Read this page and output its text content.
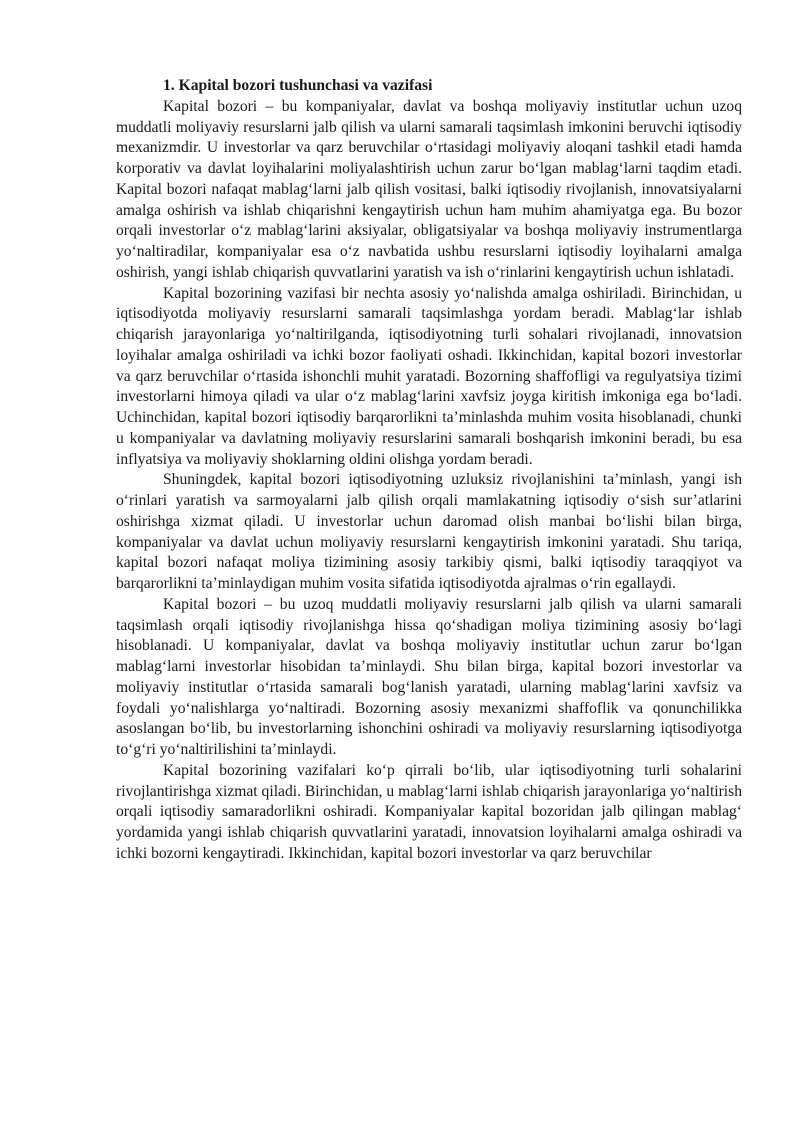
1. Kapital bozori tushunchasi va vazifasi

Kapital bozori – bu kompaniyalar, davlat va boshqa moliyaviy institutlar uchun uzoq muddatli moliyaviy resurslarni jalb qilish va ularni samarali taqsimlash imkonini beruvchi iqtisodiy mexanizmdir. U investorlar va qarz beruvchilar o‘rtasidagi moliyaviy aloqani tashkil etadi hamda korporativ va davlat loyihalarini moliyalashtirish uchun zarur bo‘lgan mablag‘larni taqdim etadi. Kapital bozori nafaqat mablag‘larni jalb qilish vositasi, balki iqtisodiy rivojlanish, innovatsiyalarni amalga oshirish va ishlab chiqarishni kengaytirish uchun ham muhim ahamiyatga ega. Bu bozor orqali investorlar o‘z mablag‘larini aksiyalar, obligatsiyalar va boshqa moliyaviy instrumentlarga yo‘naltiradilar, kompaniyalar esa o‘z navbatida ushbu resurslarni iqtisodiy loyihalarni amalga oshirish, yangi ishlab chiqarish quvvatlarini yaratish va ish o‘rinlarini kengaytirish uchun ishlatadi.

Kapital bozorining vazifasi bir nechta asosiy yo‘nalishda amalga oshiriladi. Birinchidan, u iqtisodiyotda moliyaviy resurslarni samarali taqsimlashga yordam beradi. Mablag‘lar ishlab chiqarish jarayonlariga yo‘naltirilganda, iqtisodiyotning turli sohalari rivojlanadi, innovatsion loyihalar amalga oshiriladi va ichki bozor faoliyati oshadi. Ikkinchidan, kapital bozori investorlar va qarz beruvchilar o‘rtasida ishonchli muhit yaratadi. Bozorning shaffofligi va regulyatsiya tizimi investorlarni himoya qiladi va ular o‘z mablag‘larini xavfsiz joyga kiritish imkoniga ega bo‘ladi. Uchinchidan, kapital bozori iqtisodiy barqarorlikni ta’minlashda muhim vosita hisoblanadi, chunki u kompaniyalar va davlatning moliyaviy resurslarini samarali boshqarish imkonini beradi, bu esa inflyatsiya va moliyaviy shoklarning oldini olishga yordam beradi.

Shuningdek, kapital bozori iqtisodiyotning uzluksiz rivojlanishini ta’minlash, yangi ish o‘rinlari yaratish va sarmoyalarni jalb qilish orqali mamlakatning iqtisodiy o‘sish sur’atlarini oshirishga xizmat qiladi. U investorlar uchun daromad olish manbai bo‘lishi bilan birga, kompaniyalar va davlat uchun moliyaviy resurslarni kengaytirish imkonini yaratadi. Shu tariqa, kapital bozori nafaqat moliya tizimining asosiy tarkibiy qismi, balki iqtisodiy taraqqiyot va barqarorlikni ta’minlaydigan muhim vosita sifatida iqtisodiyotda ajralmas o‘rin egallaydi.

Kapital bozori – bu uzoq muddatli moliyaviy resurslarni jalb qilish va ularni samarali taqsimlash orqali iqtisodiy rivojlanishga hissa qo‘shadigan moliya tizimining asosiy bo‘lagi hisoblanadi. U kompaniyalar, davlat va boshqa moliyaviy institutlar uchun zarur bo‘lgan mablag‘larni investorlar hisobidan ta’minlaydi. Shu bilan birga, kapital bozori investorlar va moliyaviy institutlar o‘rtasida samarali bog‘lanish yaratadi, ularning mablag‘larini xavfsiz va foydali yo‘nalishlarga yo‘naltiradi. Bozorning asosiy mexanizmi shaffoflik va qonunchilikka asoslangan bo‘lib, bu investorlarning ishonchini oshiradi va moliyaviy resurslarning iqtisodiyotga to‘g‘ri yo‘naltirilishini ta’minlaydi.

Kapital bozorining vazifalari ko‘p qirrali bo‘lib, ular iqtisodiyotning turli sohalarini rivojlantirishga xizmat qiladi. Birinchidan, u mablag‘larni ishlab chiqarish jarayonlariga yo‘naltirish orqali iqtisodiy samaradorlikni oshiradi. Kompaniyalar kapital bozoridan jalb qilingan mablag‘ yordamida yangi ishlab chiqarish quvvatlarini yaratadi, innovatsion loyihalarni amalga oshiradi va ichki bozorni kengaytiradi. Ikkinchidan, kapital bozori investorlar va qarz beruvchilar
